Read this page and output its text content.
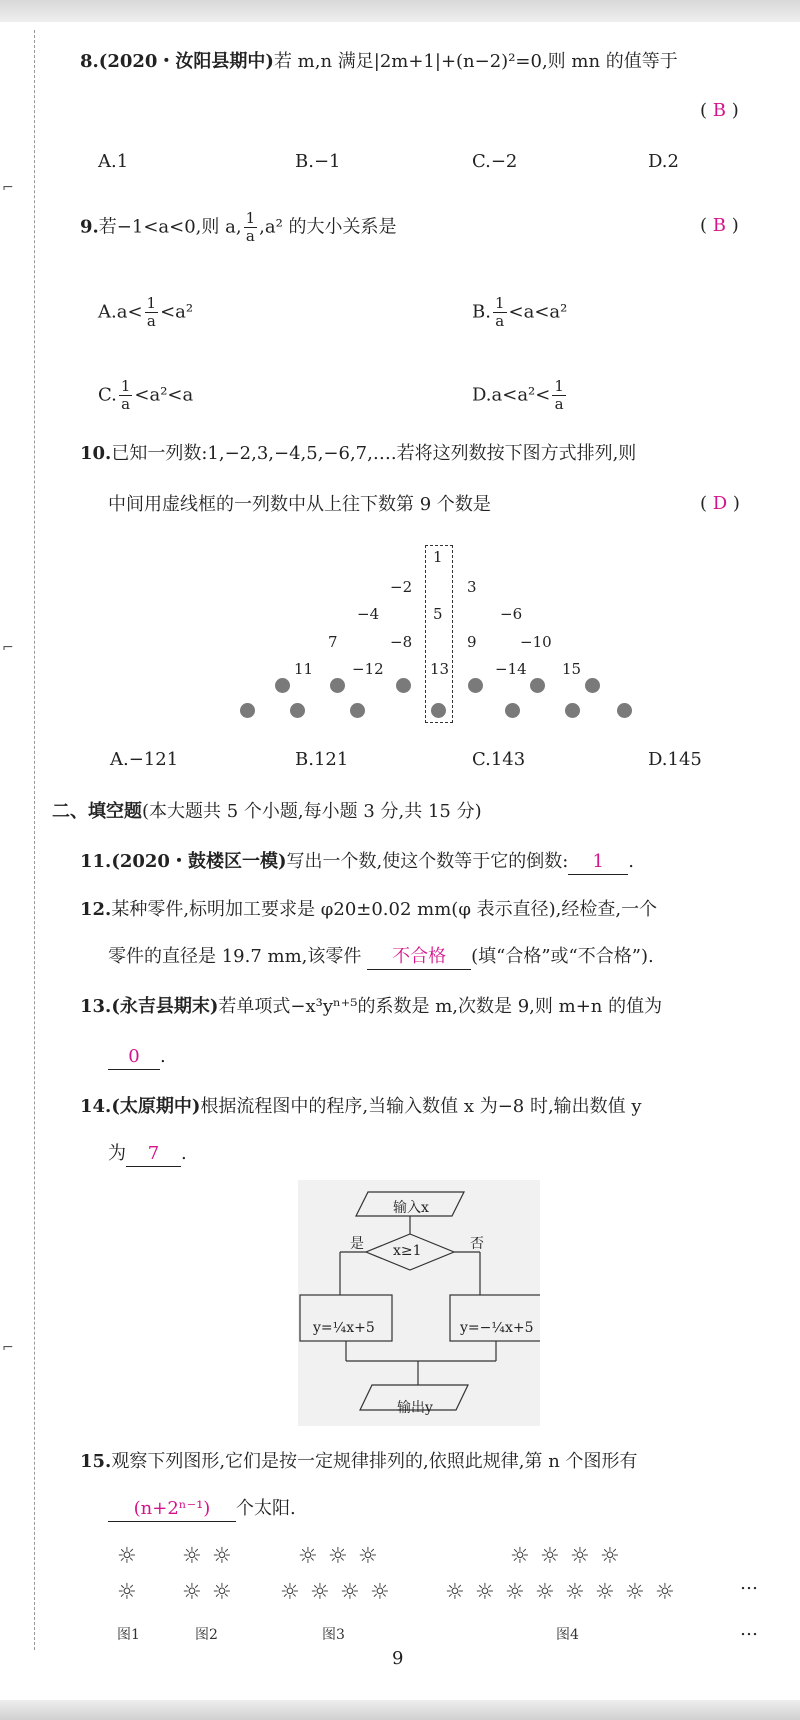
⌐
⌐
⌐
8.(2020・汝阳县期中)若 m,n 满足|2m+1|+(n−2)²=0,则 mn 的值等于
( B )
A.1	B.−1	C.−2	D.2
9.若−1<a<0,则 a, $\frac{1}{a} ,a^2$ 的大小关系是	( B )
$A.a< \frac{1}{a} <a^2$	B. $\frac{1}{a} <a<a^2$
C. $\frac{1}{a} <a^2<a$	$D.a<a^2< \frac{1}{a}$
10.已知一列数:1,−2,3,−4,5,−6,7,….若将这列数按下图方式排列,则
中间用虚线框的一列数中从上往下数第 9 个数是	( D )
1
−2	3
−4	5	−6
7	−8	9	−10
11	−12	13	−14 15
A.−121	B.121	C.143	D.145
二、填空题(本大题共 5 个小题,每小题 3 分,共 15 分)
11.(2020・鼓楼区一模)写出一个数,使这个数等于它的倒数: 1 .
12.某种零件,标明加工要求是 φ20±0.02 mm(φ 表示直径),经检查,一个
零件的直径是 19.7 mm,该零件 不合格 (填“合格”或“不合格”).
13.(永吉县期末)若单项式−x³yⁿ⁺⁵的系数是 m,次数是 9,则 m+n 的值为
0 .
14.(太原期中)根据流程图中的程序,当输入数值 x 为−8 时,输出数值 y
为 7 .
输入x
x≥1
是	否
y=¼x+5	y=−¼x+5
输出y
15.观察下列图形,它们是按一定规律排列的,依照此规律,第 n 个图形有
(n+2ⁿ⁻¹) 个太阳.
☼
☼
☼ ☼
☼ ☼
☼ ☼ ☼
☼ ☼ ☼ ☼
☼ ☼ ☼ ☼
☼ ☼ ☼ ☼ ☼ ☼ ☼ ☼	…
…
图1	图2	图3	图4
9
